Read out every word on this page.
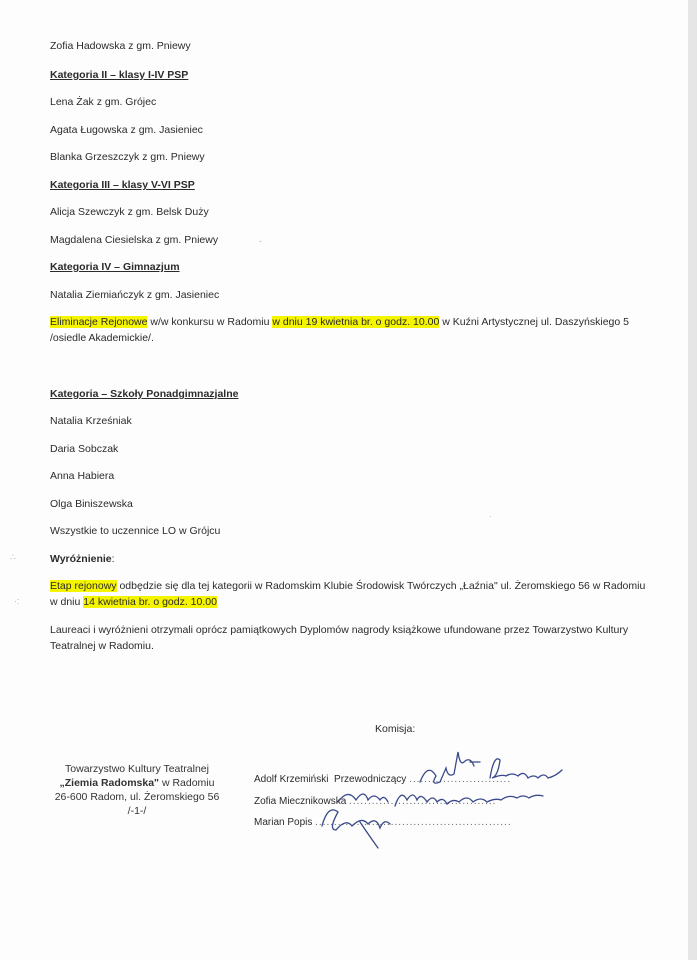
Zofia Hadowska z gm. Pniewy
Kategoria II – klasy I-IV PSP
Lena Żak z gm. Grójec
Agata Ługowska z gm. Jasieniec
Blanka Grzeszczyk z gm. Pniewy
Kategoria III – klasy V-VI PSP
Alicja Szewczyk z gm. Belsk Duży
Magdalena Ciesielska z gm. Pniewy
Kategoria IV – Gimnazjum
Natalia Ziemiańczyk z gm. Jasieniec
Eliminacje Rejonowe w/w konkursu w Radomiu w dniu 19 kwietnia br. o godz. 10.00 w Kuźni Artystycznej ul. Daszyńskiego 5 /osiedle Akademickie/.
Kategoria – Szkoły Ponadgimnazjalne
Natalia Krześniak
Daria Sobczak
Anna Habiera
Olga Biniszewska
Wszystkie to uczennice LO w Grójcu
Wyróżnienie:
Etap rejonowy odbędzie się dla tej kategorii w Radomskim Klubie Środowisk Twórczych „Łaźnia" ul. Żeromskiego 56 w Radomiu w dniu 14 kwietnia br. o godz. 10.00
Laureaci i wyróżnieni otrzymali oprócz pamiątkowych Dyplomów nagrody książkowe ufundowane przez Towarzystwo Kultury Teatralnej w Radomiu.
Komisja:
Towarzystwo Kultury Teatralnej
„Ziemia Radomska" w Radomiu
26-600 Radom, ul. Żeromskiego 56
/-1-/
Adolf Krzemiński Przewodniczący ...........................
Zofia Miecznikowska .......................................
Marian Popis ....................................................
∴
·:
·
-
